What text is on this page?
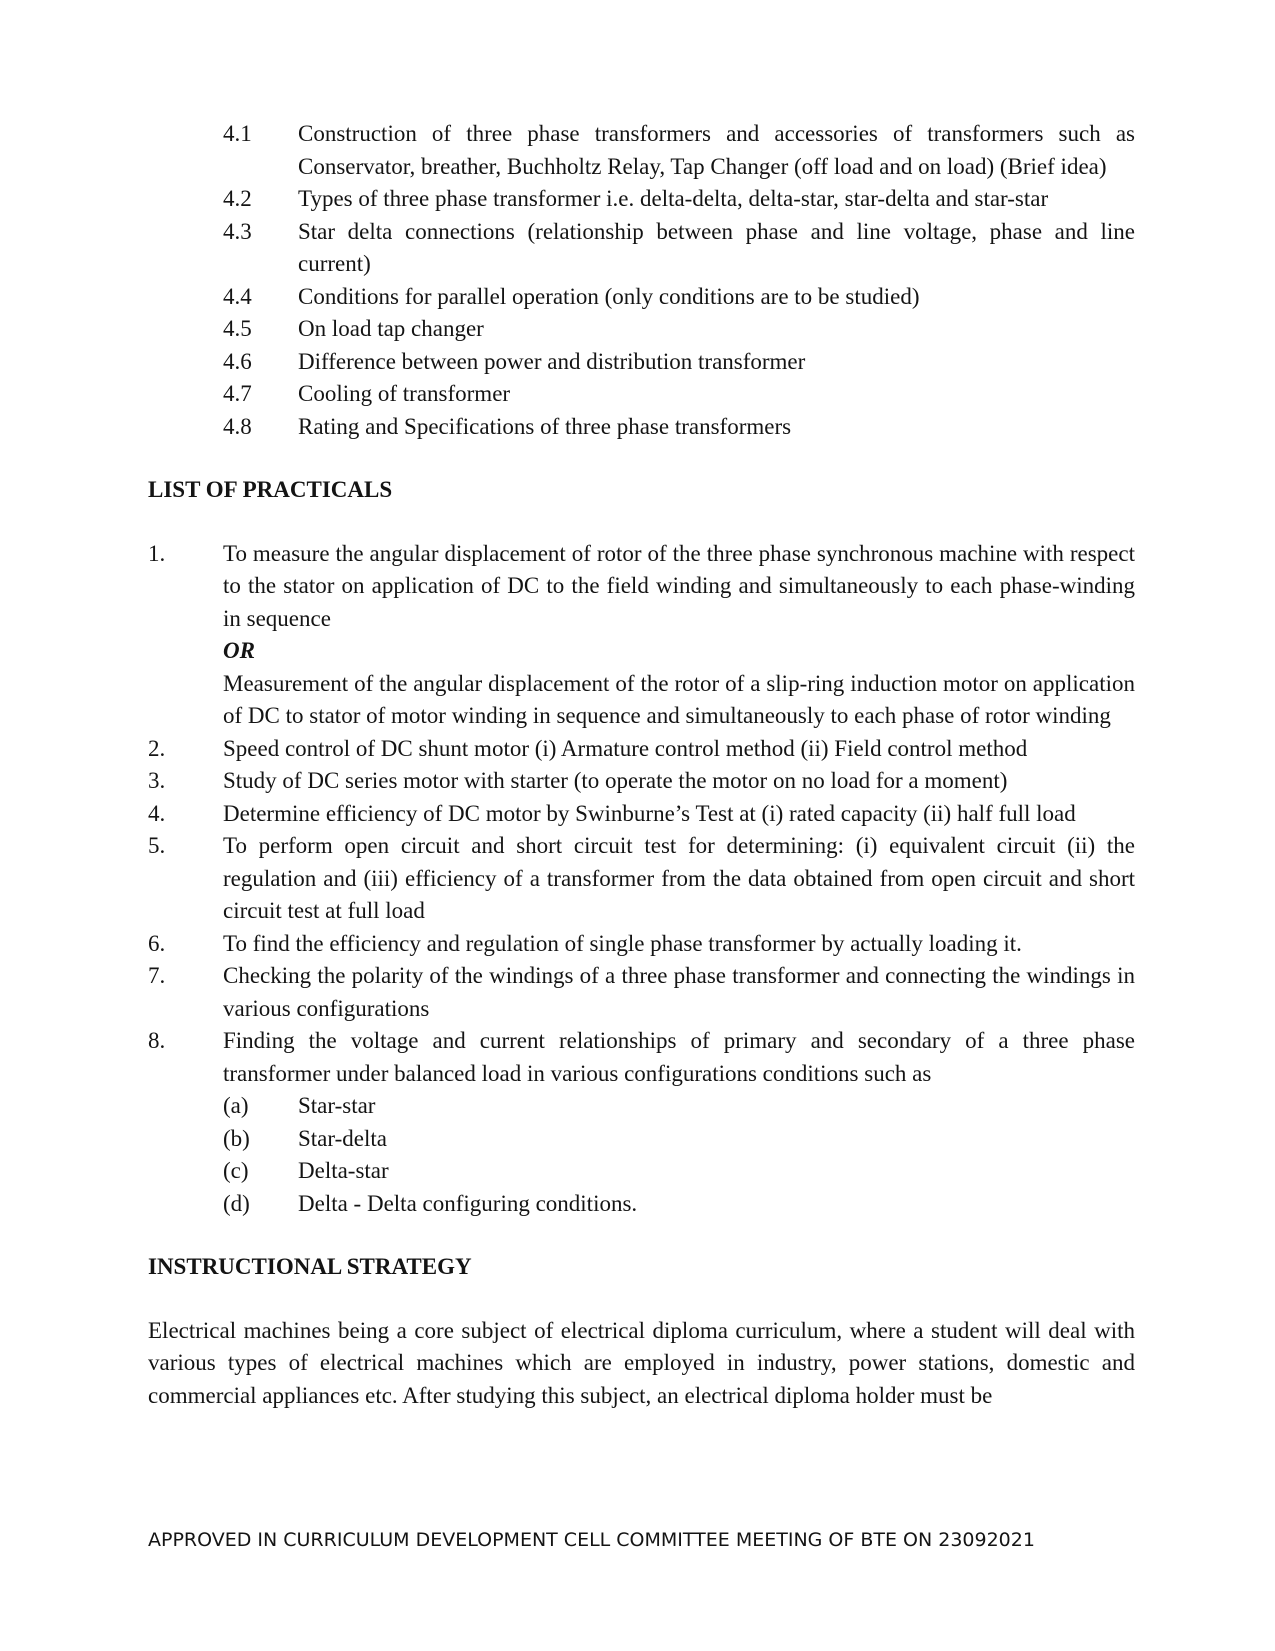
4.1	Construction of three phase transformers and accessories of transformers such as Conservator, breather, Buchholtz Relay, Tap Changer (off load and on load) (Brief idea)
4.2	Types of three phase transformer i.e. delta-delta, delta-star, star-delta and star-star
4.3	Star delta connections (relationship between phase and line voltage, phase and line current)
4.4	Conditions for parallel operation (only conditions are to be studied)
4.5	On load tap changer
4.6	Difference between power and distribution transformer
4.7	Cooling of transformer
4.8	Rating and Specifications of three phase transformers
LIST OF PRACTICALS
1.	To measure the angular displacement of rotor of the three phase synchronous machine with respect to the stator on application of DC to the field winding and simultaneously to each phase-winding in sequence
OR
Measurement of the angular displacement of the rotor of a slip-ring induction motor on application of DC to stator of motor winding in sequence and simultaneously to each phase of rotor winding
2.	Speed control of DC shunt motor (i) Armature control method (ii) Field control method
3.	Study of DC series motor with starter (to operate the motor on no load for a moment)
4.	Determine efficiency of DC motor by Swinburne’s Test at (i) rated capacity (ii) half full load
5.	To perform open circuit and short circuit test for determining: (i) equivalent circuit (ii) the regulation and (iii) efficiency of a transformer from the data obtained from open circuit and short circuit test at full load
6.	To find the efficiency and regulation of single phase transformer by actually loading it.
7.	Checking the polarity of the windings of a three phase transformer and connecting the windings in various configurations
8.	Finding the voltage and current relationships of primary and secondary of a three phase transformer under balanced load in various configurations conditions such as
(a)	Star-star
(b)	Star-delta
(c)	Delta-star
(d)	Delta - Delta configuring conditions.
INSTRUCTIONAL STRATEGY
Electrical machines being a core subject of electrical diploma curriculum, where a student will deal with various types of electrical machines which are employed in industry, power stations, domestic and commercial appliances etc. After studying this subject, an electrical diploma holder must be
APPROVED IN CURRICULUM DEVELOPMENT CELL COMMITTEE MEETING OF BTE ON 23092021
